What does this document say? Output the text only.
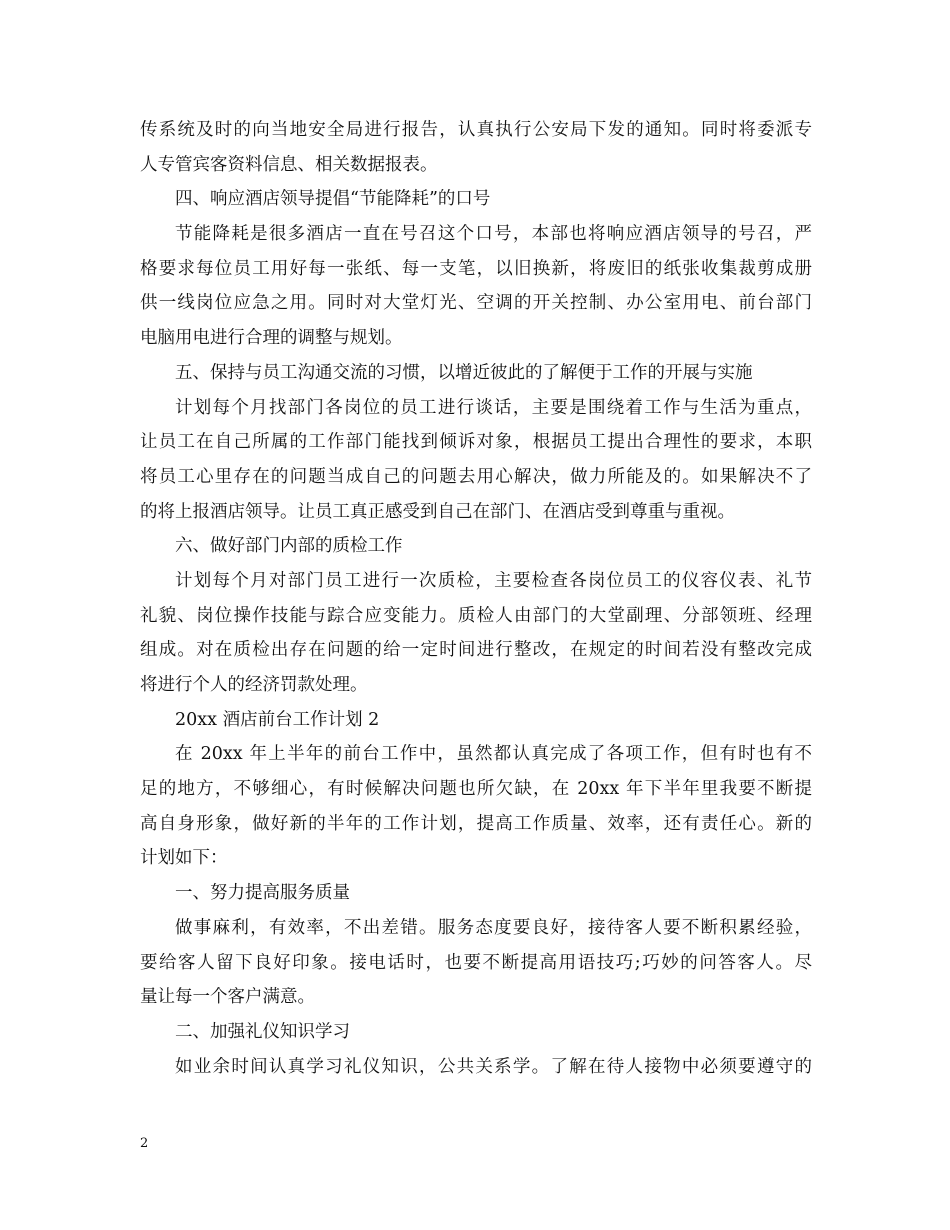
传系统及时的向当地安全局进行报告，认真执行公安局下发的通知。同时将委派专
人专管宾客资料信息、相关数据报表。
四、响应酒店领导提倡“节能降耗”的口号
节能降耗是很多酒店一直在号召这个口号，本部也将响应酒店领导的号召，严
格要求每位员工用好每一张纸、每一支笔，以旧换新，将废旧的纸张收集裁剪成册
供一线岗位应急之用。同时对大堂灯光、空调的开关控制、办公室用电、前台部门
电脑用电进行合理的调整与规划。
五、保持与员工沟通交流的习惯，以增近彼此的了解便于工作的开展与实施
计划每个月找部门各岗位的员工进行谈话，主要是围绕着工作与生活为重点，
让员工在自己所属的工作部门能找到倾诉对象，根据员工提出合理性的要求，本职
将员工心里存在的问题当成自己的问题去用心解决，做力所能及的。如果解决不了
的将上报酒店领导。让员工真正感受到自己在部门、在酒店受到尊重与重视。
六、做好部门内部的质检工作
计划每个月对部门员工进行一次质检，主要检查各岗位员工的仪容仪表、礼节
礼貌、岗位操作技能与踪合应变能力。质检人由部门的大堂副理、分部领班、经理
组成。对在质检出存在问题的给一定时间进行整改，在规定的时间若没有整改完成
将进行个人的经济罚款处理。
20xx 酒店前台工作计划 2
在 20xx 年上半年的前台工作中，虽然都认真完成了各项工作，但有时也有不
足的地方，不够细心，有时候解决问题也所欠缺，在 20xx 年下半年里我要不断提
高自身形象，做好新的半年的工作计划，提高工作质量、效率，还有责任心。新的
计划如下：
一、努力提高服务质量
做事麻利，有效率，不出差错。服务态度要良好，接待客人要不断积累经验，
要给客人留下良好印象。接电话时，也要不断提高用语技巧;巧妙的问答客人。尽
量让每一个客户满意。
二、加强礼仪知识学习
如业余时间认真学习礼仪知识，公共关系学。了解在待人接物中必须要遵守的
2
